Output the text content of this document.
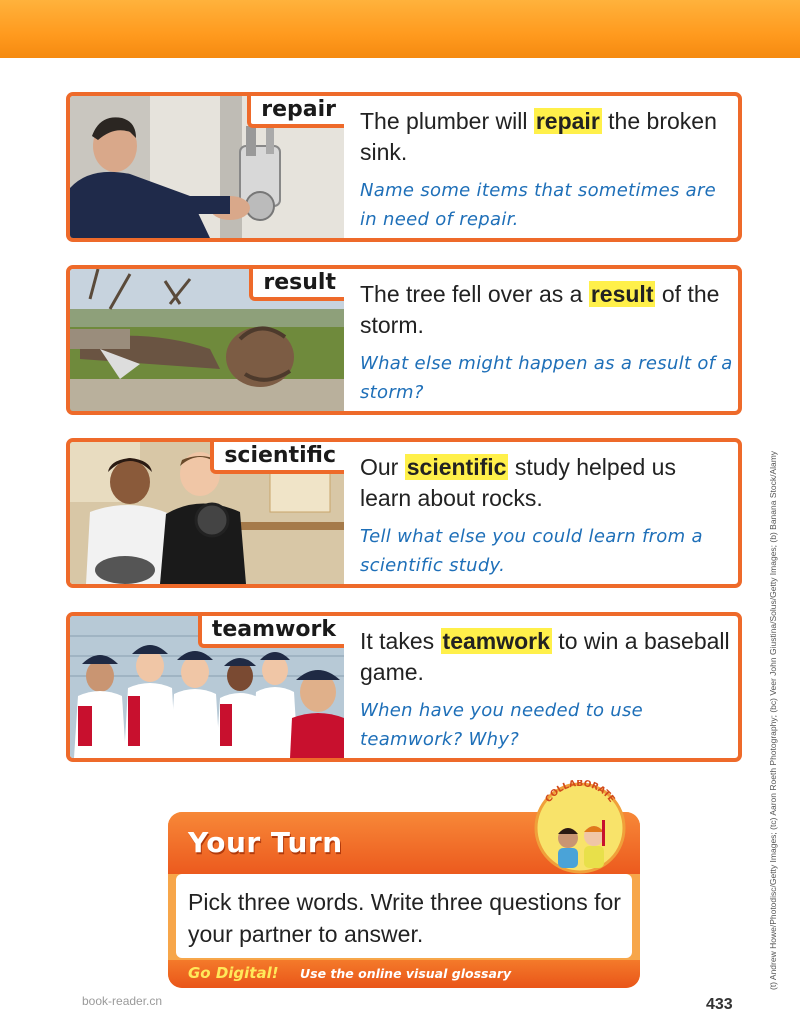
repair	The plumber will repair the broken sink.
Name some items that sometimes are in need of repair.
result	The tree fell over as a result of the storm.
What else might happen as a result of a storm?
scientific	Our scientific study helped us learn about rocks.
Tell what else you could learn from a scientific study.
teamwork	It takes teamwork to win a baseball game.
When have you needed to use teamwork? Why?
Your Turn
Pick three words. Write three questions for your partner to answer.
Go Digital! Use the online visual glossary
COLLABORATE
book-reader.cn	433
(t) Andrew Howe/Photodisc/Getty Images; (tc) Aaron Roeth Photography; (bc) Veer John Giustina/Solus/Getty Images; (b) Banana Stock/Alamy
